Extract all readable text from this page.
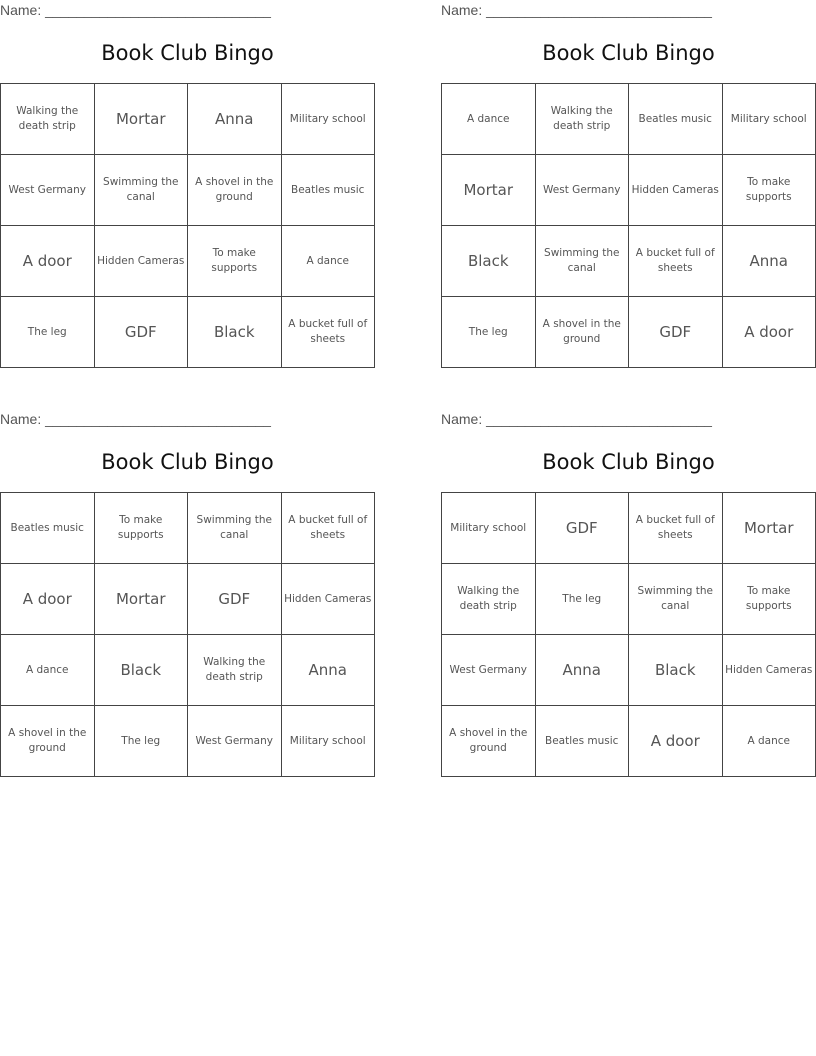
Name: _____________________________
Book Club Bingo
Walking the death strip	Mortar	Anna	Military school
West Germany	Swimming the canal	A shovel in the ground	Beatles music
A door	Hidden Cameras	To make supports	A dance
The leg	GDF	Black	A bucket full of sheets
Name: _____________________________
Book Club Bingo
A dance	Walking the death strip	Beatles music	Military school
Mortar	West Germany	Hidden Cameras	To make supports
Black	Swimming the canal	A bucket full of sheets	Anna
The leg	A shovel in the ground	GDF	A door
Name: _____________________________
Book Club Bingo
Beatles music	To make supports	Swimming the canal	A bucket full of sheets
A door	Mortar	GDF	Hidden Cameras
A dance	Black	Walking the death strip	Anna
A shovel in the ground	The leg	West Germany	Military school
Name: _____________________________
Book Club Bingo
Military school	GDF	A bucket full of sheets	Mortar
Walking the death strip	The leg	Swimming the canal	To make supports
West Germany	Anna	Black	Hidden Cameras
A shovel in the ground	Beatles music	A door	A dance
